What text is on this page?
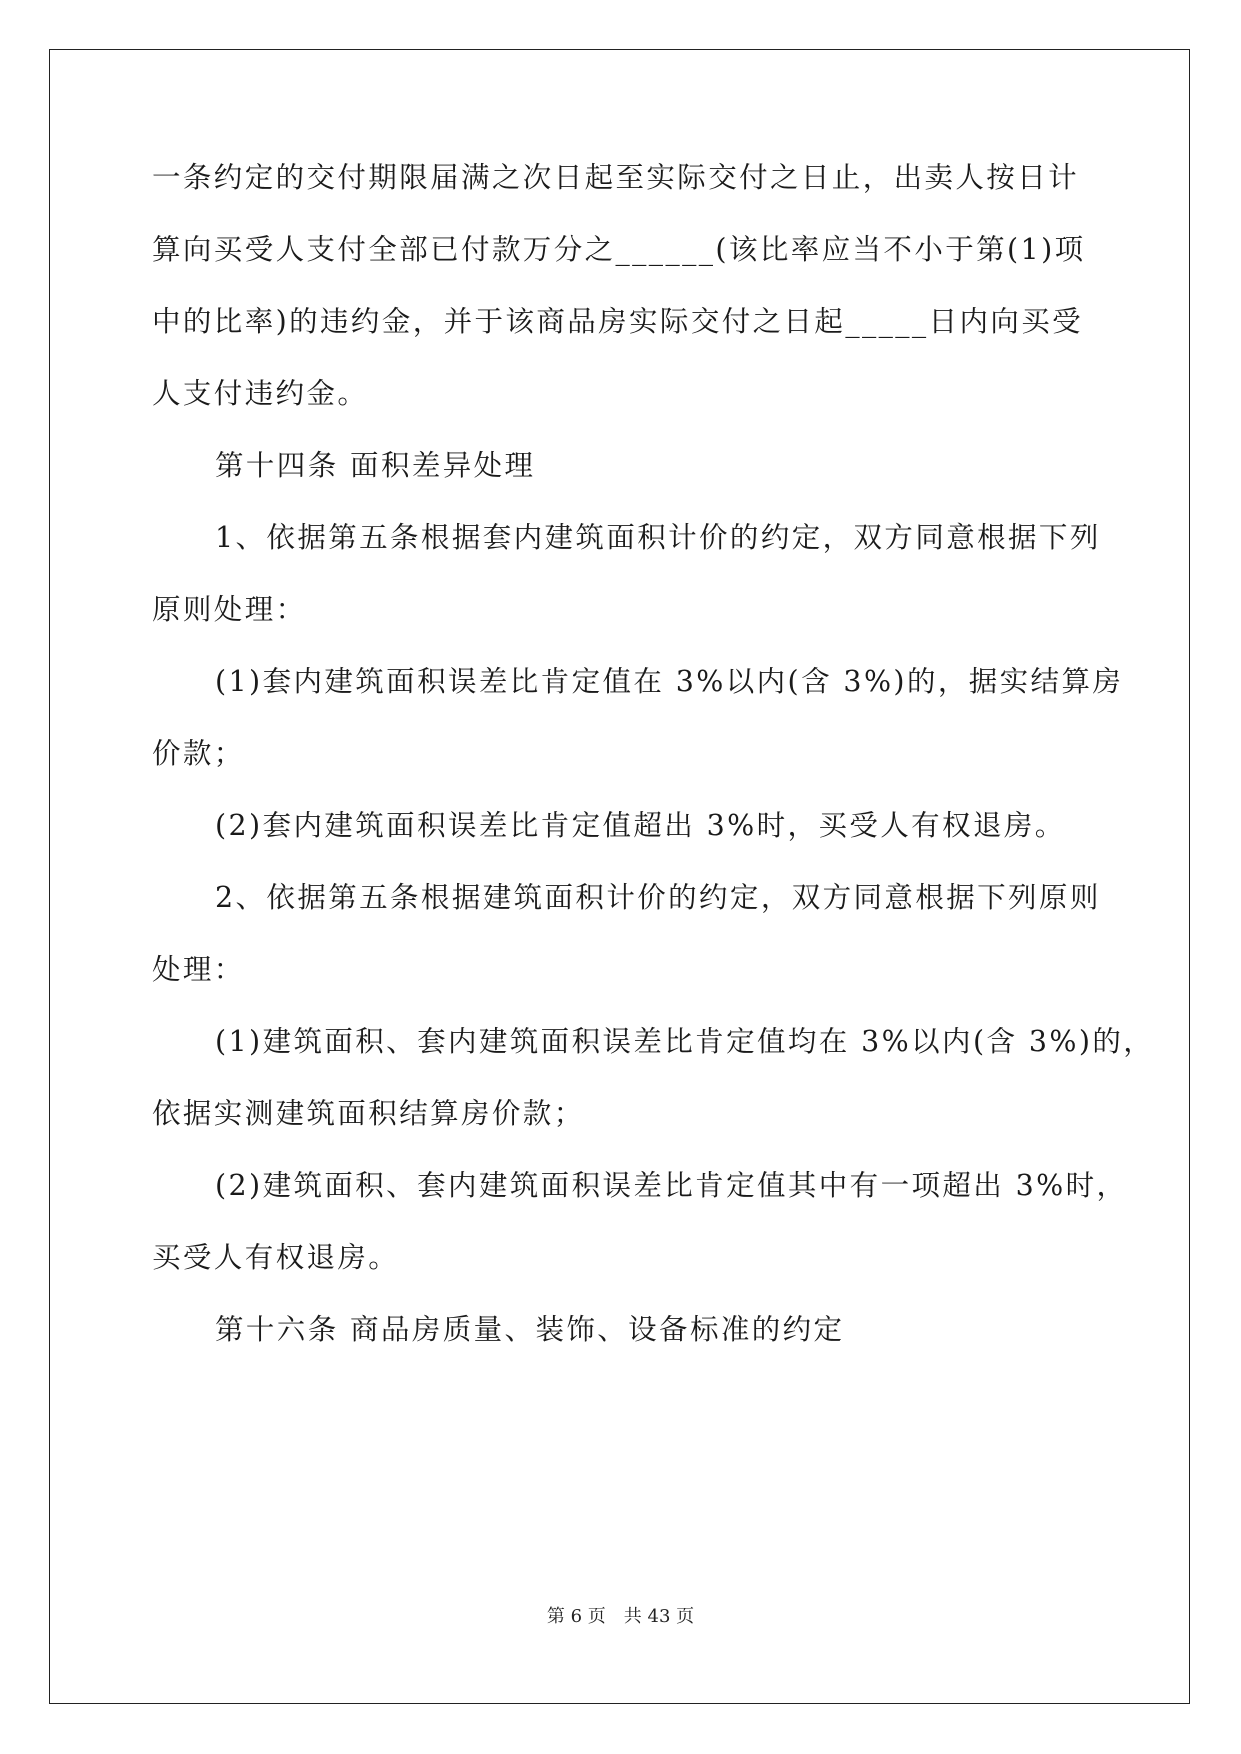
一条约定的交付期限届满之次日起至实际交付之日止，出卖人按日计
算向买受人支付全部已付款万分之______(该比率应当不小于第(1)项
中的比率)的违约金，并于该商品房实际交付之日起_____日内向买受
人支付违约金。
第十四条 面积差异处理
1、依据第五条根据套内建筑面积计价的约定，双方同意根据下列
原则处理：
(1)套内建筑面积误差比肯定值在 3%以内(含 3%)的，据实结算房
价款；
(2)套内建筑面积误差比肯定值超出 3%时，买受人有权退房。
2、依据第五条根据建筑面积计价的约定，双方同意根据下列原则
处理：
(1)建筑面积、套内建筑面积误差比肯定值均在 3%以内(含 3%)的，
依据实测建筑面积结算房价款；
(2)建筑面积、套内建筑面积误差比肯定值其中有一项超出 3%时，
买受人有权退房。
第十六条 商品房质量、装饰、设备标准的约定
第 6 页　共 43 页
